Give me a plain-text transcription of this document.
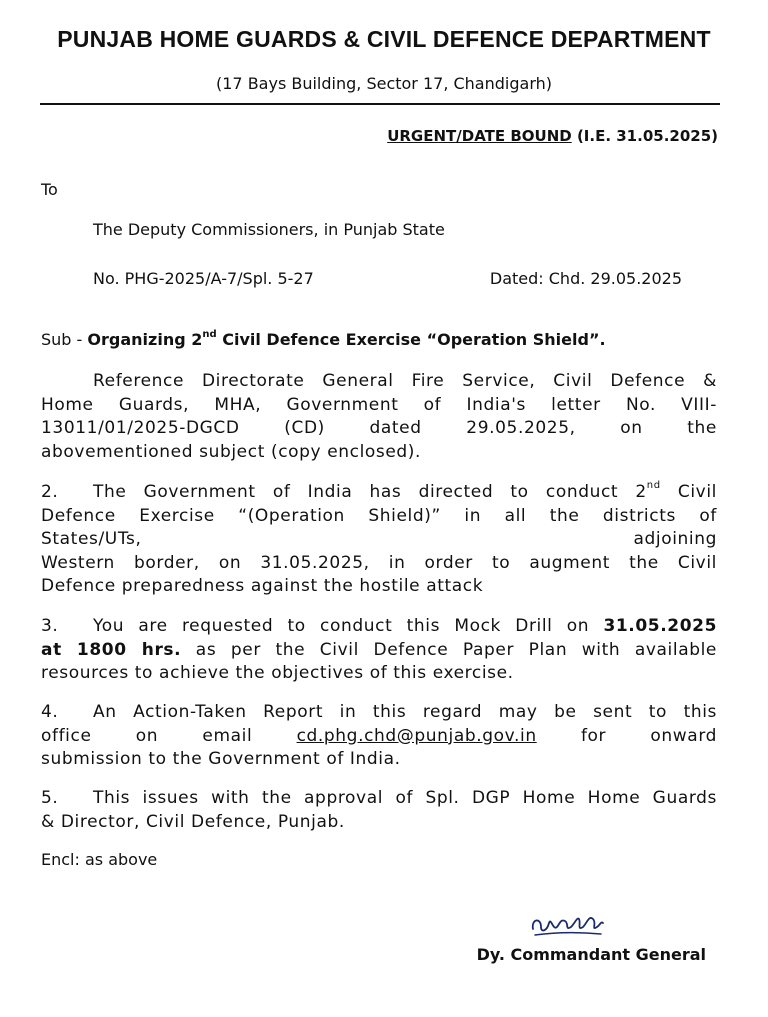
PUNJAB HOME GUARDS & CIVIL DEFENCE DEPARTMENT
(17 Bays Building, Sector 17, Chandigarh)
URGENT/DATE BOUND (I.E. 31.05.2025)
To
The Deputy Commissioners, in Punjab State
No. PHG-2025/A-7/Spl. 5-27	Dated: Chd. 29.05.2025
Sub - Organizing 2nd Civil Defence Exercise “Operation Shield”.
Reference Directorate General Fire Service, Civil Defence &
Home Guards, MHA, Government of India's letter No. VIII-
13011/01/2025-DGCD (CD) dated 29.05.2025, on the
abovementioned subject (copy enclosed).
2. The Government of India has directed to conduct 2nd Civil
Defence Exercise “(Operation Shield)” in all the districts of
States/UTs, adjoining
Western border, on 31.05.2025, in order to augment the Civil
Defence preparedness against the hostile attack
3. You are requested to conduct this Mock Drill on 31.05.2025
at 1800 hrs. as per the Civil Defence Paper Plan with available
resources to achieve the objectives of this exercise.
4. An Action-Taken Report in this regard may be sent to this
office on email cd.phg.chd@punjab.gov.in for onward
submission to the Government of India.
5. This issues with the approval of Spl. DGP Home Home Guards
& Director, Civil Defence, Punjab.
Encl: as above
Dy. Commandant General
